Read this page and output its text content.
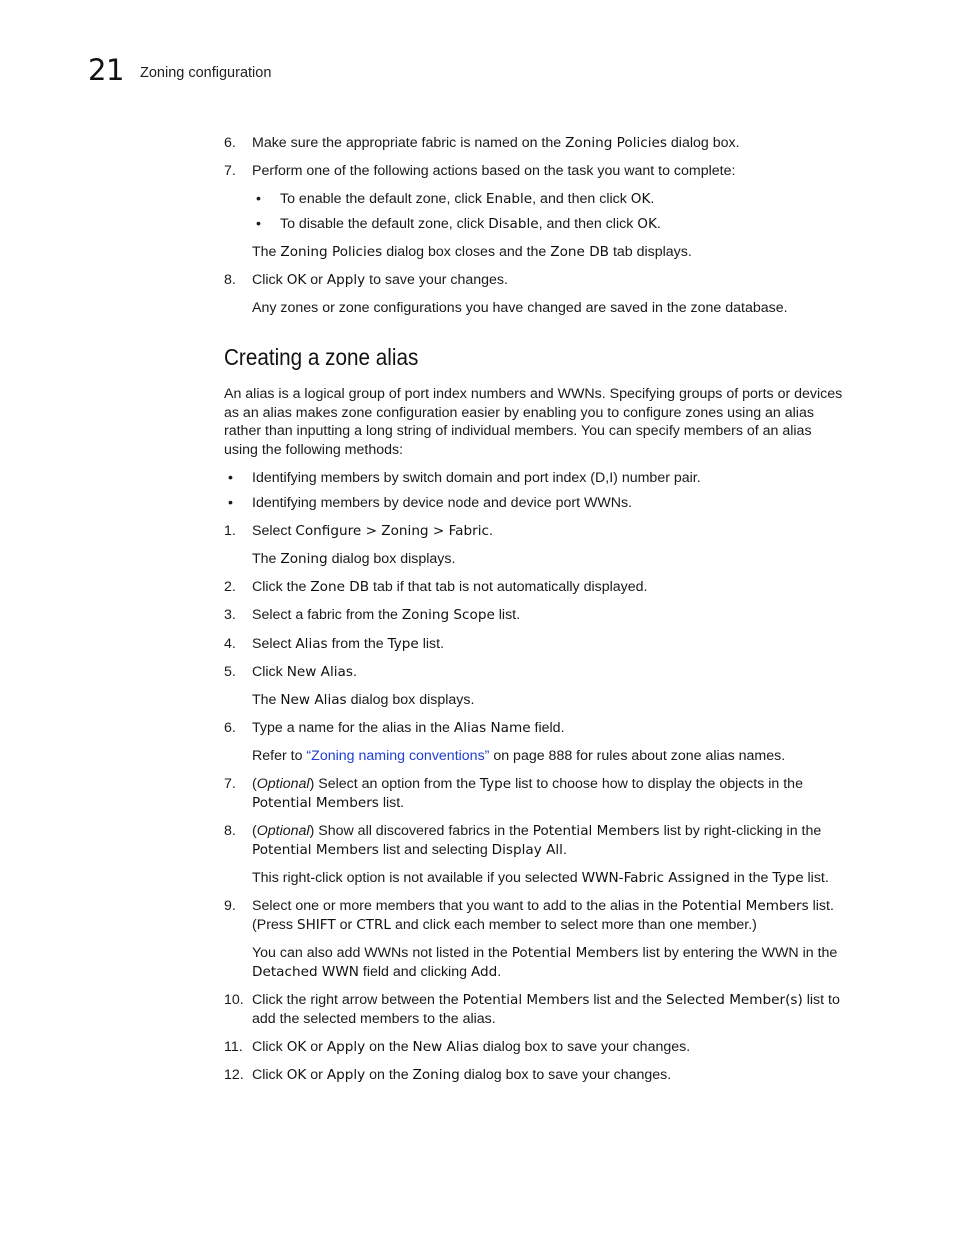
21 Zoning configuration
6. Make sure the appropriate fabric is named on the Zoning Policies dialog box.
7. Perform one of the following actions based on the task you want to complete:
• To enable the default zone, click Enable, and then click OK.
• To disable the default zone, click Disable, and then click OK.
The Zoning Policies dialog box closes and the Zone DB tab displays.
8. Click OK or Apply to save your changes.
Any zones or zone configurations you have changed are saved in the zone database.
Creating a zone alias
An alias is a logical group of port index numbers and WWNs. Specifying groups of ports or devices
as an alias makes zone configuration easier by enabling you to configure zones using an alias
rather than inputting a long string of individual members. You can specify members of an alias
using the following methods:
• Identifying members by switch domain and port index (D,I) number pair.
• Identifying members by device node and device port WWNs.
1. Select Configure > Zoning > Fabric.
The Zoning dialog box displays.
2. Click the Zone DB tab if that tab is not automatically displayed.
3. Select a fabric from the Zoning Scope list.
4. Select Alias from the Type list.
5. Click New Alias.
The New Alias dialog box displays.
6. Type a name for the alias in the Alias Name field.
Refer to “Zoning naming conventions” on page 888 for rules about zone alias names.
7. (Optional) Select an option from the Type list to choose how to display the objects in the
Potential Members list.
8. (Optional) Show all discovered fabrics in the Potential Members list by right-clicking in the
Potential Members list and selecting Display All.
This right-click option is not available if you selected WWN-Fabric Assigned in the Type list.
9. Select one or more members that you want to add to the alias in the Potential Members list.
(Press SHIFT or CTRL and click each member to select more than one member.)
You can also add WWNs not listed in the Potential Members list by entering the WWN in the
Detached WWN field and clicking Add.
10. Click the right arrow between the Potential Members list and the Selected Member(s) list to
add the selected members to the alias.
11. Click OK or Apply on the New Alias dialog box to save your changes.
12. Click OK or Apply on the Zoning dialog box to save your changes.
